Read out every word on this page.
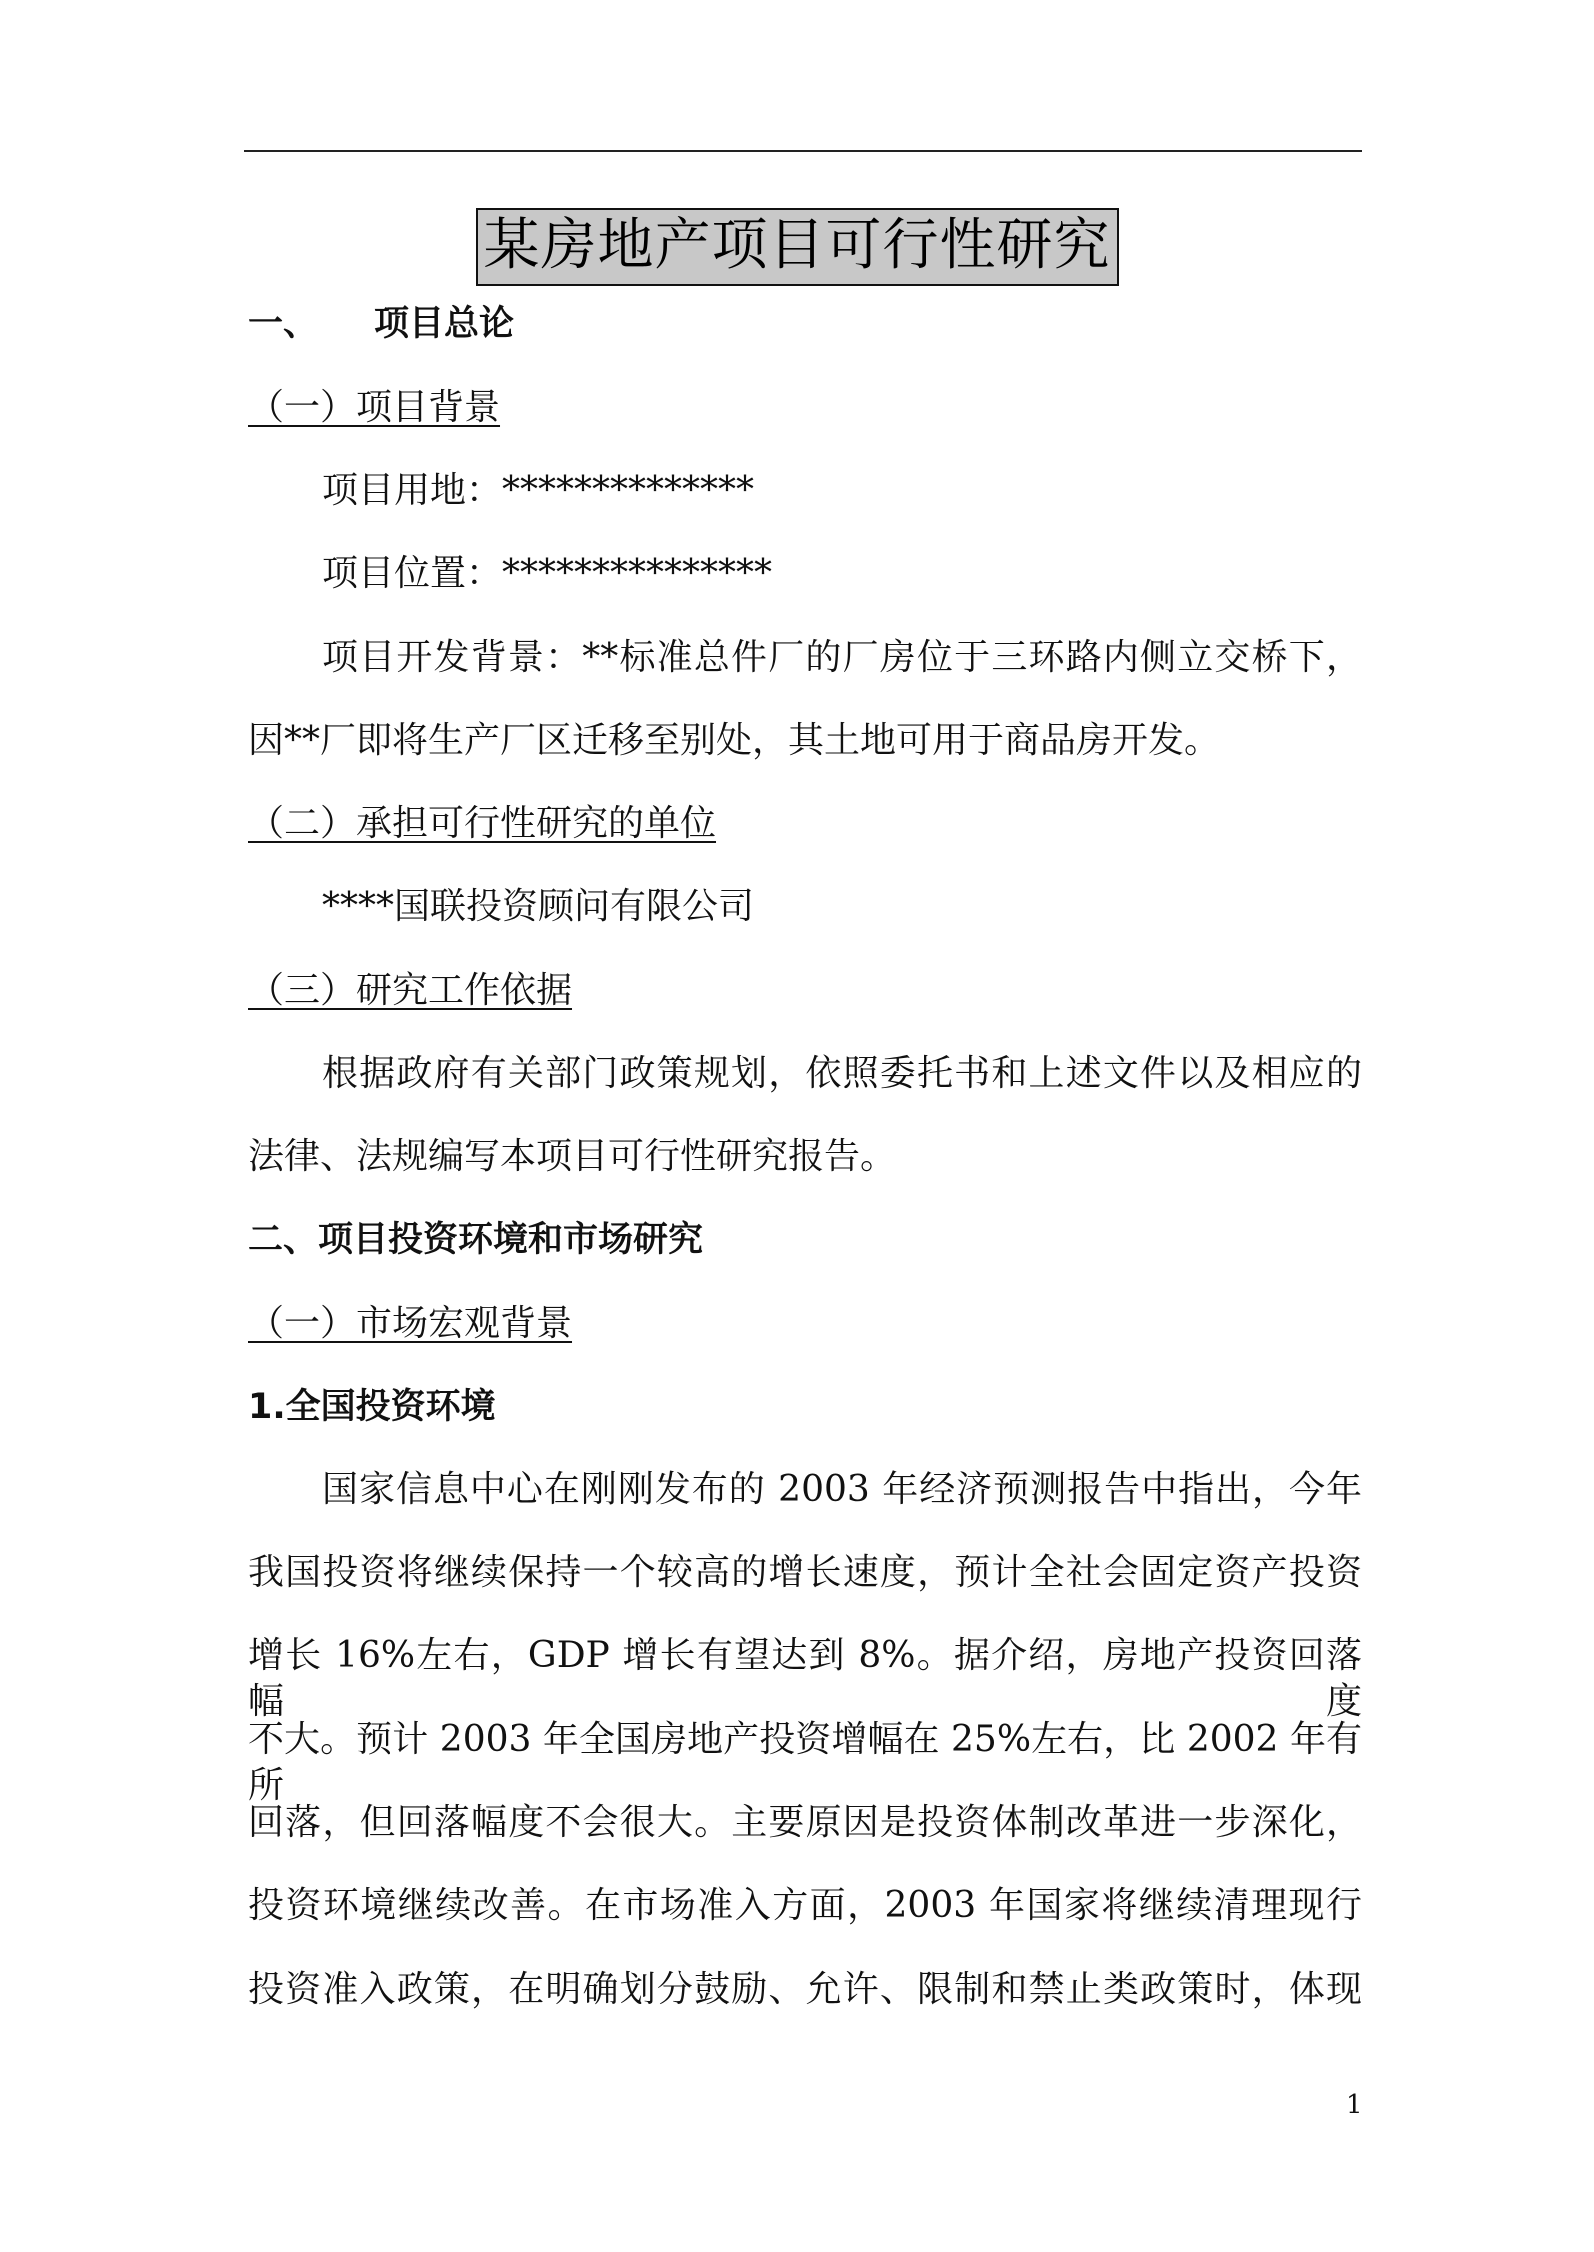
某房地产项目可行性研究
一、 项目总论
（一）项目背景
项目用地：**************
项目位置：***************
项目开发背景：**标准总件厂的厂房位于三环路内侧立交桥下，
因**厂即将生产厂区迁移至别处，其土地可用于商品房开发。
（二）承担可行性研究的单位
****国联投资顾问有限公司
（三）研究工作依据
根据政府有关部门政策规划，依照委托书和上述文件以及相应的
法律、法规编写本项目可行性研究报告。
二、项目投资环境和市场研究
（一）市场宏观背景
1.全国投资环境
国家信息中心在刚刚发布的 2003 年经济预测报告中指出，今年
我国投资将继续保持一个较高的增长速度，预计全社会固定资产投资
增长 16%左右，GDP 增长有望达到 8%。据介绍，房地产投资回落幅度
不大。预计 2003 年全国房地产投资增幅在 25%左右，比 2002 年有所
回落，但回落幅度不会很大。主要原因是投资体制改革进一步深化，
投资环境继续改善。在市场准入方面，2003 年国家将继续清理现行
投资准入政策，在明确划分鼓励、允许、限制和禁止类政策时，体现
1
